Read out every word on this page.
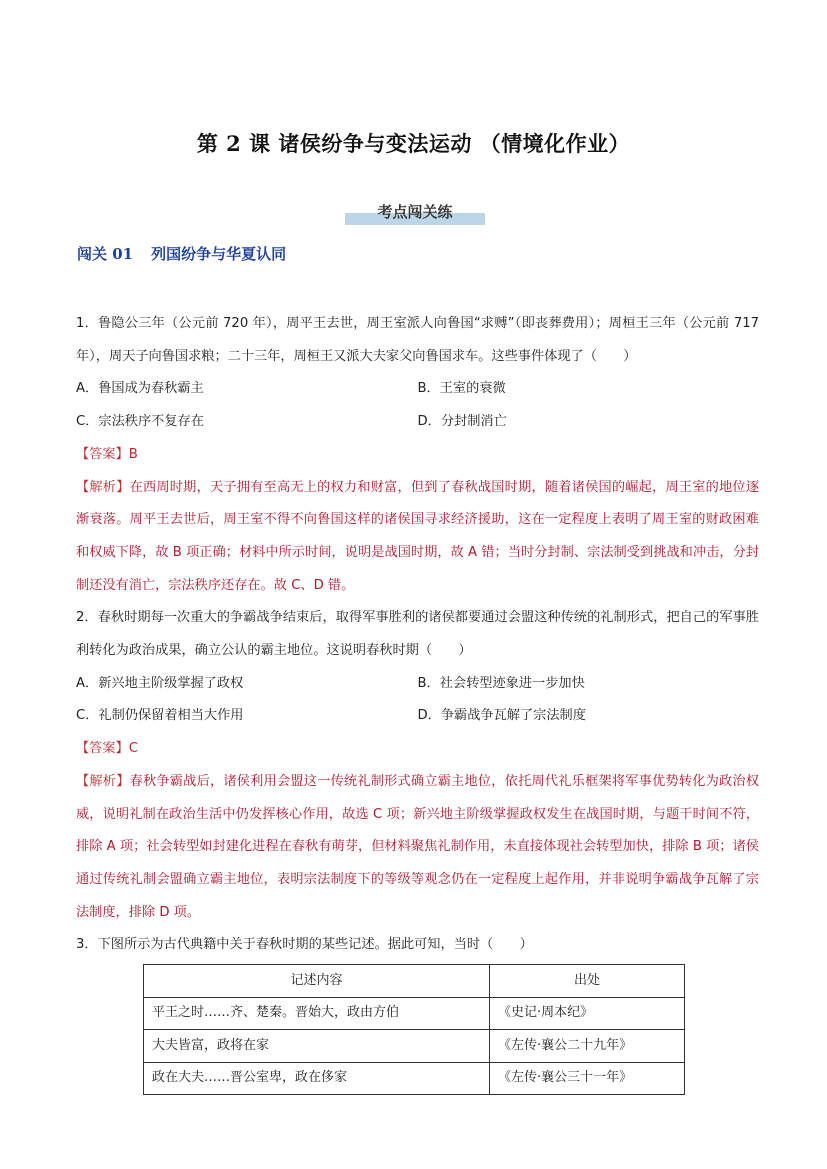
第 2 课 诸侯纷争与变法运动 （情境化作业）
考点闯关练
闯关 01 列国纷争与华夏认同

1．鲁隐公三年（公元前 720 年），周平王去世，周王室派人向鲁国“求赙”（即丧葬费用）；周桓王三年（公元前 717 年），周天子向鲁国求粮；二十三年，周桓王又派大夫家父向鲁国求车。这些事件体现了（　　）

A．鲁国成为春秋霸主	B．王室的衰微
C．宗法秩序不复存在	D．分封制消亡

【答案】B

【解析】在西周时期，天子拥有至高无上的权力和财富，但到了春秋战国时期，随着诸侯国的崛起，周王室的地位逐渐衰落。周平王去世后，周王室不得不向鲁国这样的诸侯国寻求经济援助，这在一定程度上表明了周王室的财政困难和权威下降，故 B 项正确；材料中所示时间，说明是战国时期，故 A 错；当时分封制、宗法制受到挑战和冲击，分封制还没有消亡，宗法秩序还存在。故 C、D 错。

2．春秋时期每一次重大的争霸战争结束后，取得军事胜利的诸侯都要通过会盟这种传统的礼制形式，把自己的军事胜利转化为政治成果，确立公认的霸主地位。这说明春秋时期（　　）

A．新兴地主阶级掌握了政权	B．社会转型迹象进一步加快
C．礼制仍保留着相当大作用	D．争霸战争瓦解了宗法制度

【答案】C

【解析】春秋争霸战后，诸侯利用会盟这一传统礼制形式确立霸主地位，依托周代礼乐框架将军事优势转化为政治权威，说明礼制在政治生活中仍发挥核心作用，故选 C 项；新兴地主阶级掌握政权发生在战国时期，与题干时间不符，排除 A 项；社会转型如封建化进程在春秋有萌芽，但材料聚焦礼制作用，未直接体现社会转型加快，排除 B 项；诸侯通过传统礼制会盟确立霸主地位，表明宗法制度下的等级等观念仍在一定程度上起作用，并非说明争霸战争瓦解了宗法制度，排除 D 项。

3．下图所示为古代典籍中关于春秋时期的某些记述。据此可知，当时（　　）

记述内容	出处
平王之时……齐、楚秦。晋始大，政由方伯	《史记·周本纪》
大夫皆富，政将在家	《左传·襄公二十九年》
政在大夫……晋公室卑，政在侈家	《左传·襄公三十一年》
